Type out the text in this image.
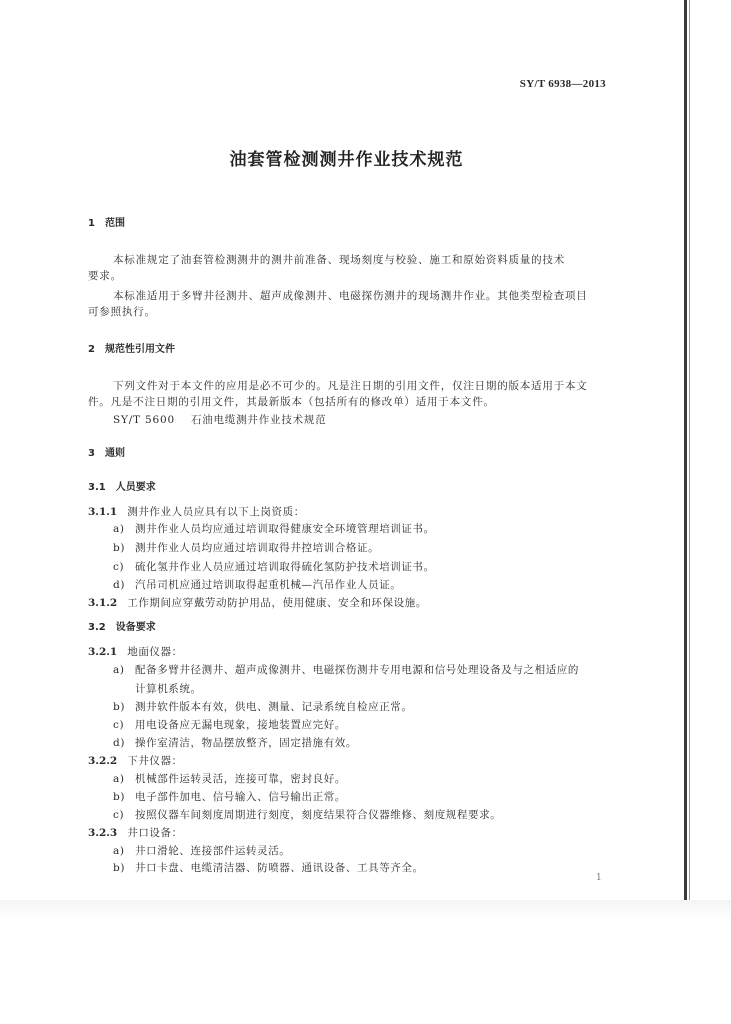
SY/T 6938—2013
油套管检测测井作业技术规范
1 范围
本标准规定了油套管检测测井的测井前准备、现场刻度与校验、施工和原始资料质量的技术
要求。
本标准适用于多臂井径测井、超声成像测井、电磁探伤测井的现场测井作业。其他类型检查项目
可参照执行。
2 规范性引用文件
下列文件对于本文件的应用是必不可少的。凡是注日期的引用文件，仅注日期的版本适用于本文
件。凡是不注日期的引用文件，其最新版本（包括所有的修改单）适用于本文件。
SY/T 5600 石油电缆测井作业技术规范
3 通则
3.1 人员要求
3.1.1 测井作业人员应具有以下上岗资质：
a) 测井作业人员均应通过培训取得健康安全环境管理培训证书。
b) 测井作业人员均应通过培训取得井控培训合格证。
c) 硫化氢井作业人员应通过培训取得硫化氢防护技术培训证书。
d) 汽吊司机应通过培训取得起重机械—汽吊作业人员证。
3.1.2 工作期间应穿戴劳动防护用品，使用健康、安全和环保设施。
3.2 设备要求
3.2.1 地面仪器：
a) 配备多臂井径测井、超声成像测井、电磁探伤测井专用电源和信号处理设备及与之相适应的
计算机系统。
b) 测井软件版本有效，供电、测量、记录系统自检应正常。
c) 用电设备应无漏电现象，接地装置应完好。
d) 操作室清洁，物品摆放整齐，固定措施有效。
3.2.2 下井仪器：
a) 机械部件运转灵活，连接可靠，密封良好。
b) 电子部件加电、信号输入、信号输出正常。
c) 按照仪器车间刻度周期进行刻度，刻度结果符合仪器维修、刻度规程要求。
3.2.3 井口设备：
a) 井口滑轮、连接部件运转灵活。
b) 井口卡盘、电缆清洁器、防喷器、通讯设备、工具等齐全。
1
